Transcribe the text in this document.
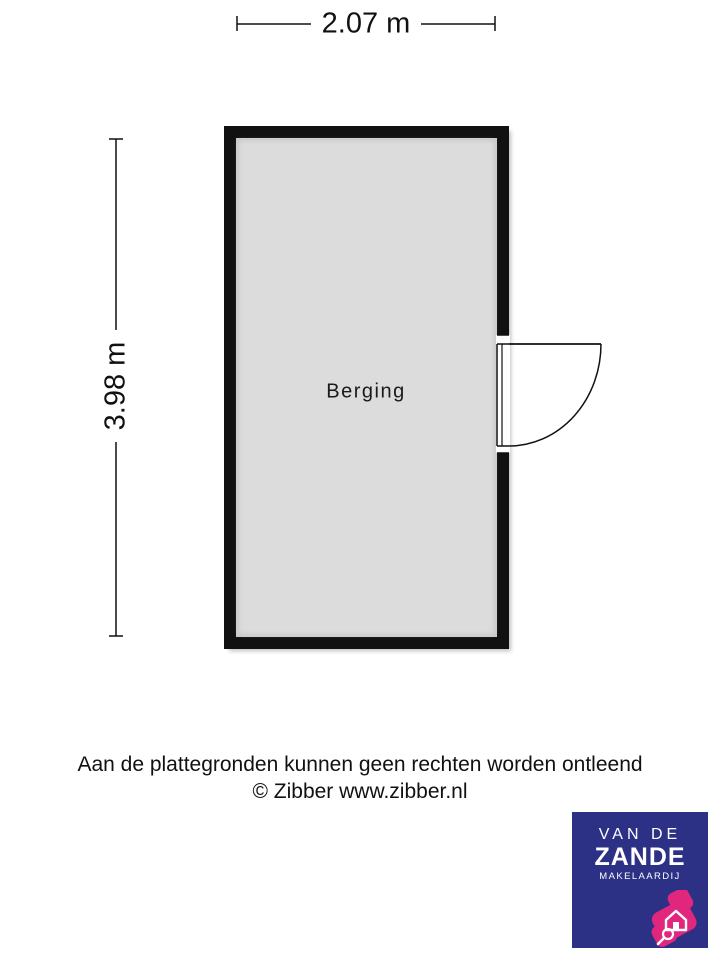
2.07 m
3.98 m	Berging
Aan de plattegronden kunnen geen rechten worden ontleend
© Zibber www.zibber.nl
VAN DE
ZANDE
MAKELAARDIJ
